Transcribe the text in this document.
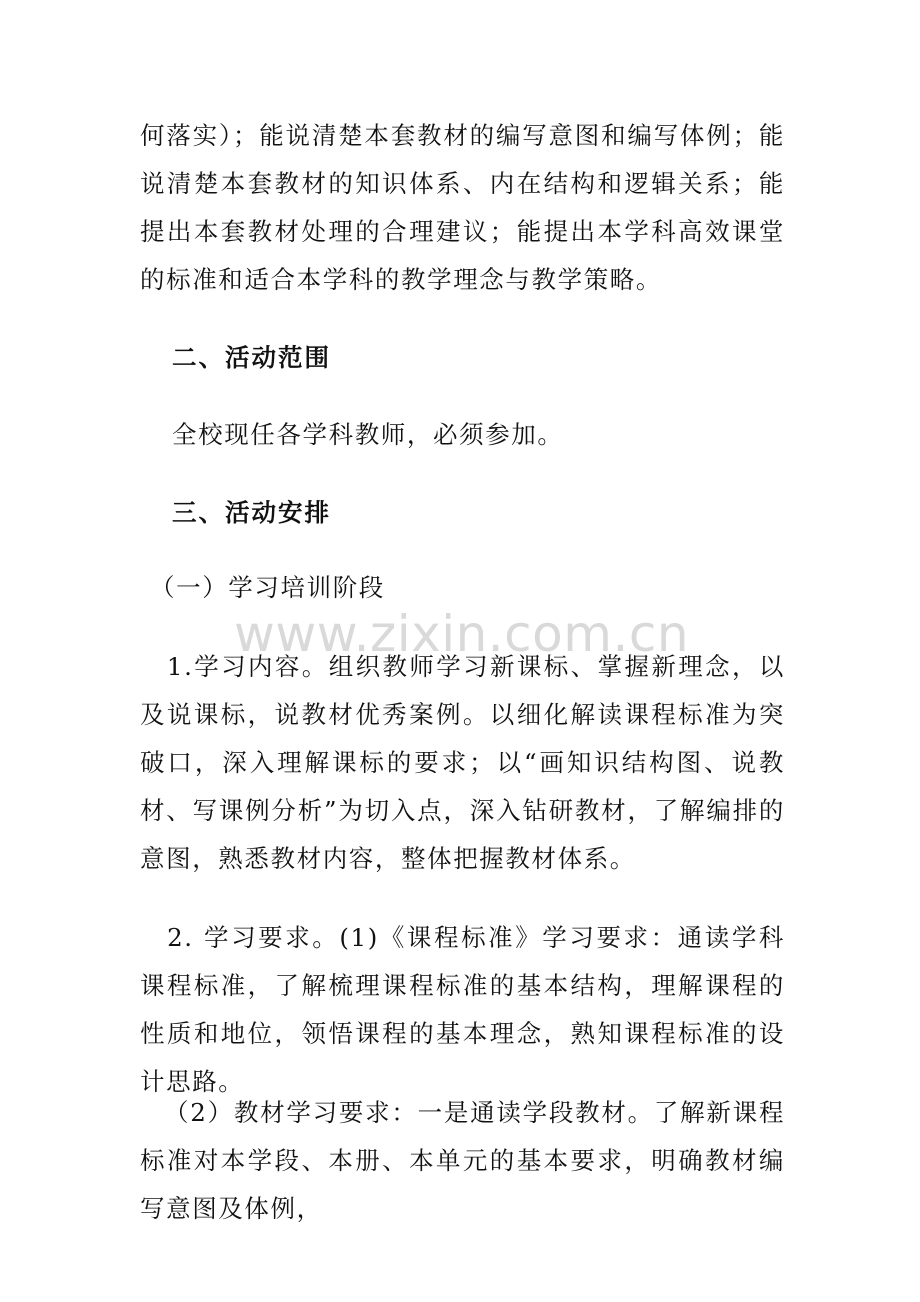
何落实）；能说清楚本套教材的编写意图和编写体例；能说清楚本套教材的知识体系、内在结构和逻辑关系；能提出本套教材处理的合理建议；能提出本学科高效课堂的标准和适合本学科的教学理念与教学策略。

二、活动范围

全校现任各学科教师，必须参加。

三、活动安排

（一）学习培训阶段

　1.学习内容。组织教师学习新课标、掌握新理念，以及说课标，说教材优秀案例。以细化解读课程标准为突破口，深入理解课标的要求；以“画知识结构图、说教材、写课例分析”为切入点，深入钻研教材，了解编排的意图，熟悉教材内容，整体把握教材体系。

　2. 学习要求。(1)《课程标准》学习要求：通读学科课程标准，了解梳理课程标准的基本结构，理解课程的性质和地位，领悟课程的基本理念，熟知课程标准的设计思路。

（2）教材学习要求：一是通读学段教材。了解新课程标准对本学段、本册、本单元的基本要求，明确教材编写意图及体例，

www.zixin.com.cn
